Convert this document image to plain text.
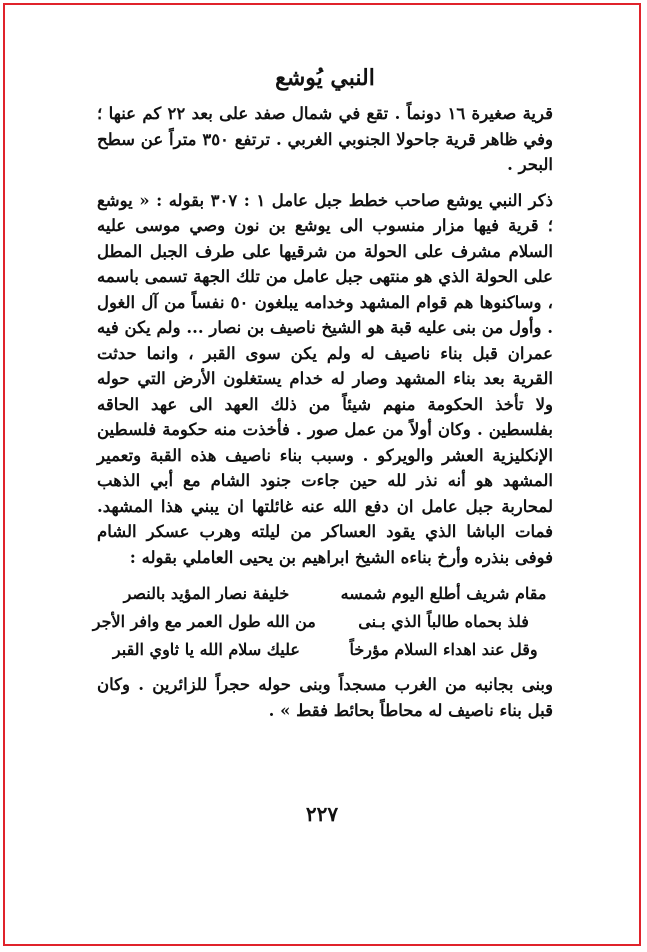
النبي يُوشع

قرية صغيرة ١٦ دونماً . تقع في شمال صفد على بعد ٢٢ كم عنها ؛ وفي ظاهر قرية جاحولا الجنوبي الغربي . ترتفع ٣٥٠ متراً عن سطح البحر .

ذكر النبي يوشع صاحب خطط جبل عامل ١ : ٣٠٧ بقوله : « يوشع ؛ قرية فيها مزار منسوب الى يوشع بن نون وصي موسى عليه السلام مشرف على الحولة من شرقيها على طرف الجبل المطل على الحولة الذي هو منتهى جبل عامل من تلك الجهة تسمى باسمه ، وساكنوها هم قوام المشهد وخدامه يبلغون ٥٠ نفساً من آل الغول . وأول من بنى عليه قبة هو الشيخ ناصيف بن نصار ... ولم يكن فيه عمران قبل بناء ناصيف له ولم يكن سوى القبر ، وانما حدثت القرية بعد بناء المشهد وصار له خدام يستغلون الأرض التي حوله ولا تأخذ الحكومة منهم شيئاً من ذلك العهد الى عهد الحاقه بفلسطين . وكان أولاً من عمل صور . فأخذت منه حكومة فلسطين الإنكليزية العشر والويركو . وسبب بناء ناصيف هذه القبة وتعمير المشهد هو أنه نذر لله حين جاءت جنود الشام مع أبي الذهب لمحاربة جبل عامل ان دفع الله عنه غائلتها ان يبني هذا المشهد. فمات الباشا الذي يقود العساكر من ليلته وهرب عسكر الشام فوفى بنذره وأرخ بناءه الشيخ ابراهيم بن يحيى العاملي بقوله :

مقام شريف أطلع اليوم شمسه
خليفة نصار المؤيد بالنصر
فلذ بحماه طالباً الذي بـنى
من الله طول العمر مع وافر الأجر
وقل عند اهداء السلام مؤرخاً
عليك سلام الله يا ثاوي القبر

وبنى بجانبه من الغرب مسجداً وبنى حوله حجراً للزائرين . وكان قبل بناء ناصيف له محاطاً بحائط فقط » .

٢٢٧
